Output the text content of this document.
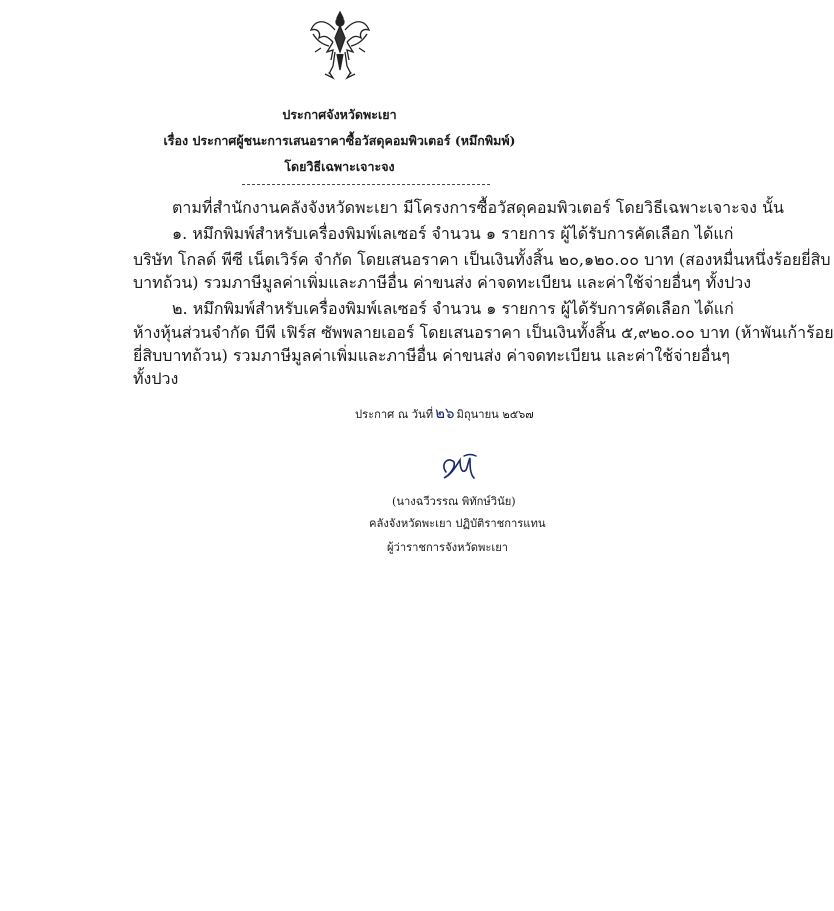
ประกาศจังหวัดพะเยา
เรื่อง ประกาศผู้ชนะการเสนอราคาซื้อวัสดุคอมพิวเตอร์ (หมึกพิมพ์)
โดยวิธีเฉพาะเจาะจง
ตามที่สำนักงานคลังจังหวัดพะเยา มีโครงการซื้อวัสดุคอมพิวเตอร์ โดยวิธีเฉพาะเจาะจง นั้น
๑. หมึกพิมพ์สำหรับเครื่องพิมพ์เลเซอร์ จำนวน ๑ รายการ ผู้ได้รับการคัดเลือก ได้แก่
บริษัท โกลด์ พีซี เน็ตเวิร์ค จำกัด โดยเสนอราคา เป็นเงินทั้งสิ้น ๒๐,๑๒๐.๐๐ บาท (สองหมื่นหนึ่งร้อยยี่สิบ
บาทถ้วน) รวมภาษีมูลค่าเพิ่มและภาษีอื่น ค่าขนส่ง ค่าจดทะเบียน และค่าใช้จ่ายอื่นๆ ทั้งปวง
๒. หมึกพิมพ์สำหรับเครื่องพิมพ์เลเซอร์ จำนวน ๑ รายการ ผู้ได้รับการคัดเลือก ได้แก่
ห้างหุ้นส่วนจำกัด บีพี เฟิร์ส ซัพพลายเออร์ โดยเสนอราคา เป็นเงินทั้งสิ้น ๕,๙๒๐.๐๐ บาท (ห้าพันเก้าร้อย
ยี่สิบบาทถ้วน) รวมภาษีมูลค่าเพิ่มและภาษีอื่น ค่าขนส่ง ค่าจดทะเบียน และค่าใช้จ่ายอื่นๆ
ทั้งปวง
ประกาศ ณ วันที่ ๒๖ มิถุนายน ๒๕๖๗
(นางฉวีวรรณ พิทักษ์วินัย)
คลังจังหวัดพะเยา ปฏิบัติราชการแทน
ผู้ว่าราชการจังหวัดพะเยา
